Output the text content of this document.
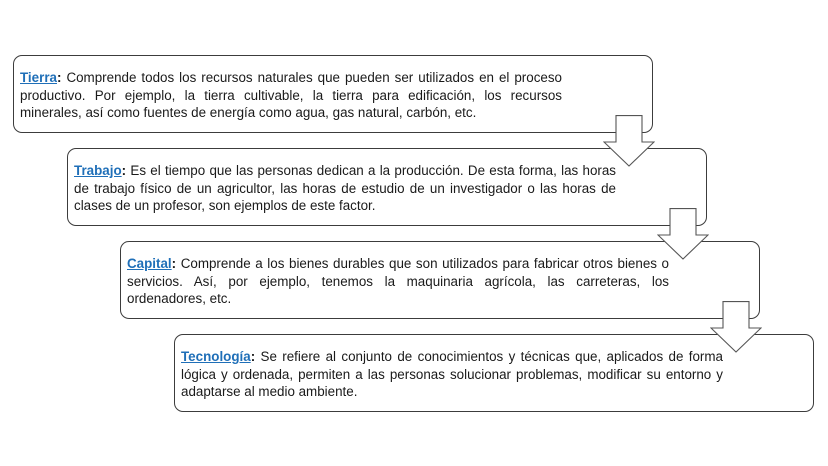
Tierra: Comprende todos los recursos naturales que pueden ser utilizados en el proceso productivo. Por ejemplo, la tierra cultivable, la tierra para edificación, los recursos minerales, así como fuentes de energía como agua, gas natural, carbón, etc.

Trabajo: Es el tiempo que las personas dedican a la producción. De esta forma, las horas de trabajo físico de un agricultor, las horas de estudio de un investigador o las horas de clases de un profesor, son ejemplos de este factor.

Capital: Comprende a los bienes durables que son utilizados para fabricar otros bienes o servicios. Así, por ejemplo, tenemos la maquinaria agrícola, las carreteras, los ordenadores, etc.

Tecnología: Se refiere al conjunto de conocimientos y técnicas que, aplicados de forma lógica y ordenada, permiten a las personas solucionar problemas, modificar su entorno y adaptarse al medio ambiente.
